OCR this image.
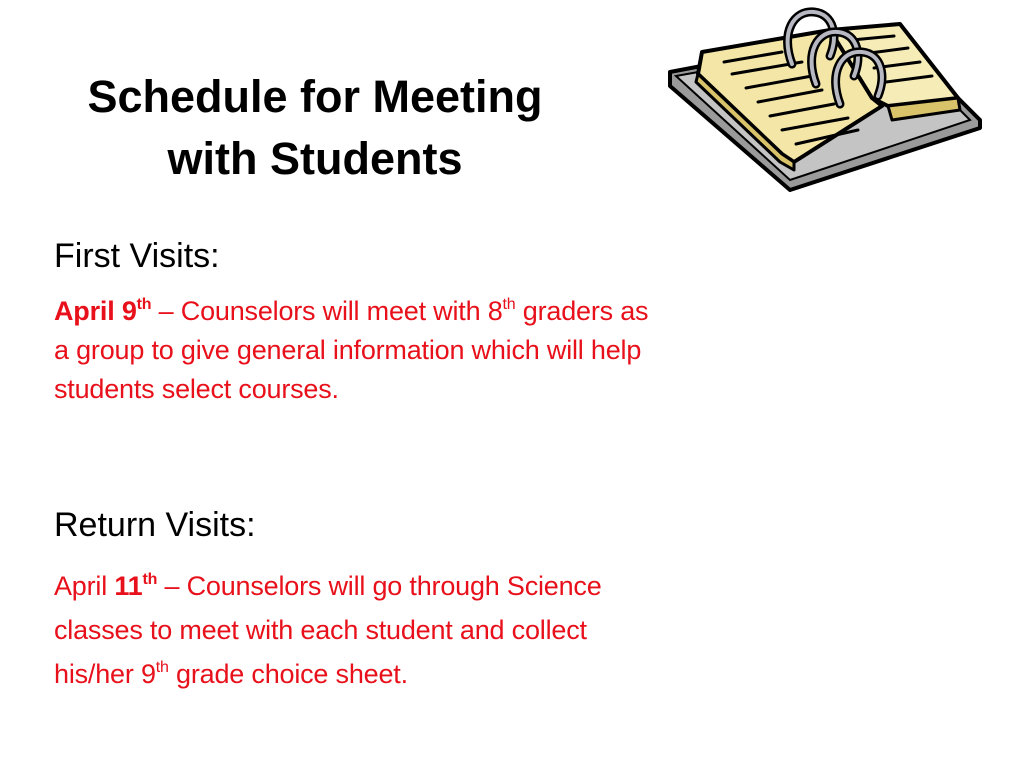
Schedule for Meeting
with Students
First Visits:

April 9th – Counselors will meet with 8th graders as
a group to give general information which will help
students select courses.

Return Visits:

April 11th – Counselors will go through Science
classes to meet with each student and collect
his/her 9th grade choice sheet.
